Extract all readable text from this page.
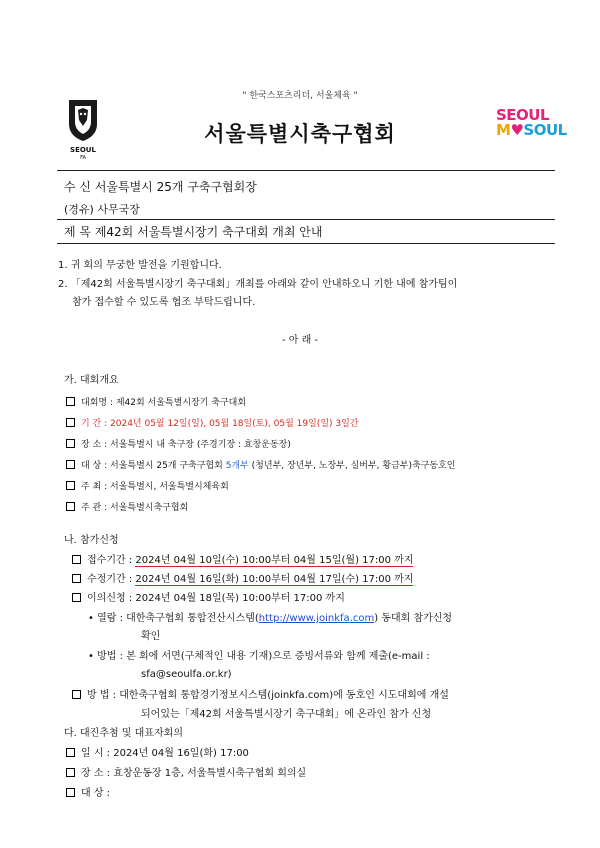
" 한국스포츠리더, 서울체육 "
SEOUL
FA
서울특별시축구협회
SEOUL
M♥SOUL
수 신 서울특별시 25개 구축구협회장
(경유) 사무국장
제 목 제42회 서울특별시장기 축구대회 개최 안내
1. 귀 회의 무궁한 발전을 기원합니다.
2. 「제42회 서울특별시장기 축구대회」개최를 아래와 같이 안내하오니 기한 내에 참가팀이
참가 접수할 수 있도록 협조 부탁드립니다.
- 아 래 -
가. 대회개요
대회명 : 제42회 서울특별시장기 축구대회
기 간 : 2024년 05월 12일(일), 05월 18일(토), 05월 19일(일) 3일간
장 소 : 서울특별시 내 축구장 (주경기장 : 효창운동장)
대 상 : 서울특별시 25개 구축구협회 5개부 (청년부, 장년부, 노장부, 실버부, 황금부)축구동호인
주 최 : 서울특별시, 서울특별시체육회
주 관 : 서울특별시축구협회
나. 참가신청
접수기간 : 2024년 04월 10일(수) 10:00부터 04월 15일(월) 17:00 까지
수정기간 : 2024년 04월 16일(화) 10:00부터 04월 17일(수) 17:00 까지
이의신청 : 2024년 04월 18일(목) 10:00부터 17:00 까지
• 열람 : 대한축구협회 통합전산시스템(http://www.joinkfa.com) 동대회 참가신청
확인
• 방법 : 본 회에 서면(구체적인 내용 기재)으로 증빙서류와 함께 제출(e-mail :
sfa@seoulfa.or.kr)
방 법 : 대한축구협회 통합경기정보시스템(joinkfa.com)에 동호인 시도대회에 개설
되어있는「제42회 서울특별시장기 축구대회」에 온라인 참가 신청
다. 대진추첨 및 대표자회의
일 시 : 2024년 04월 16일(화) 17:00
장 소 : 효창운동장 1층, 서울특별시축구협회 회의실
대 상 :
